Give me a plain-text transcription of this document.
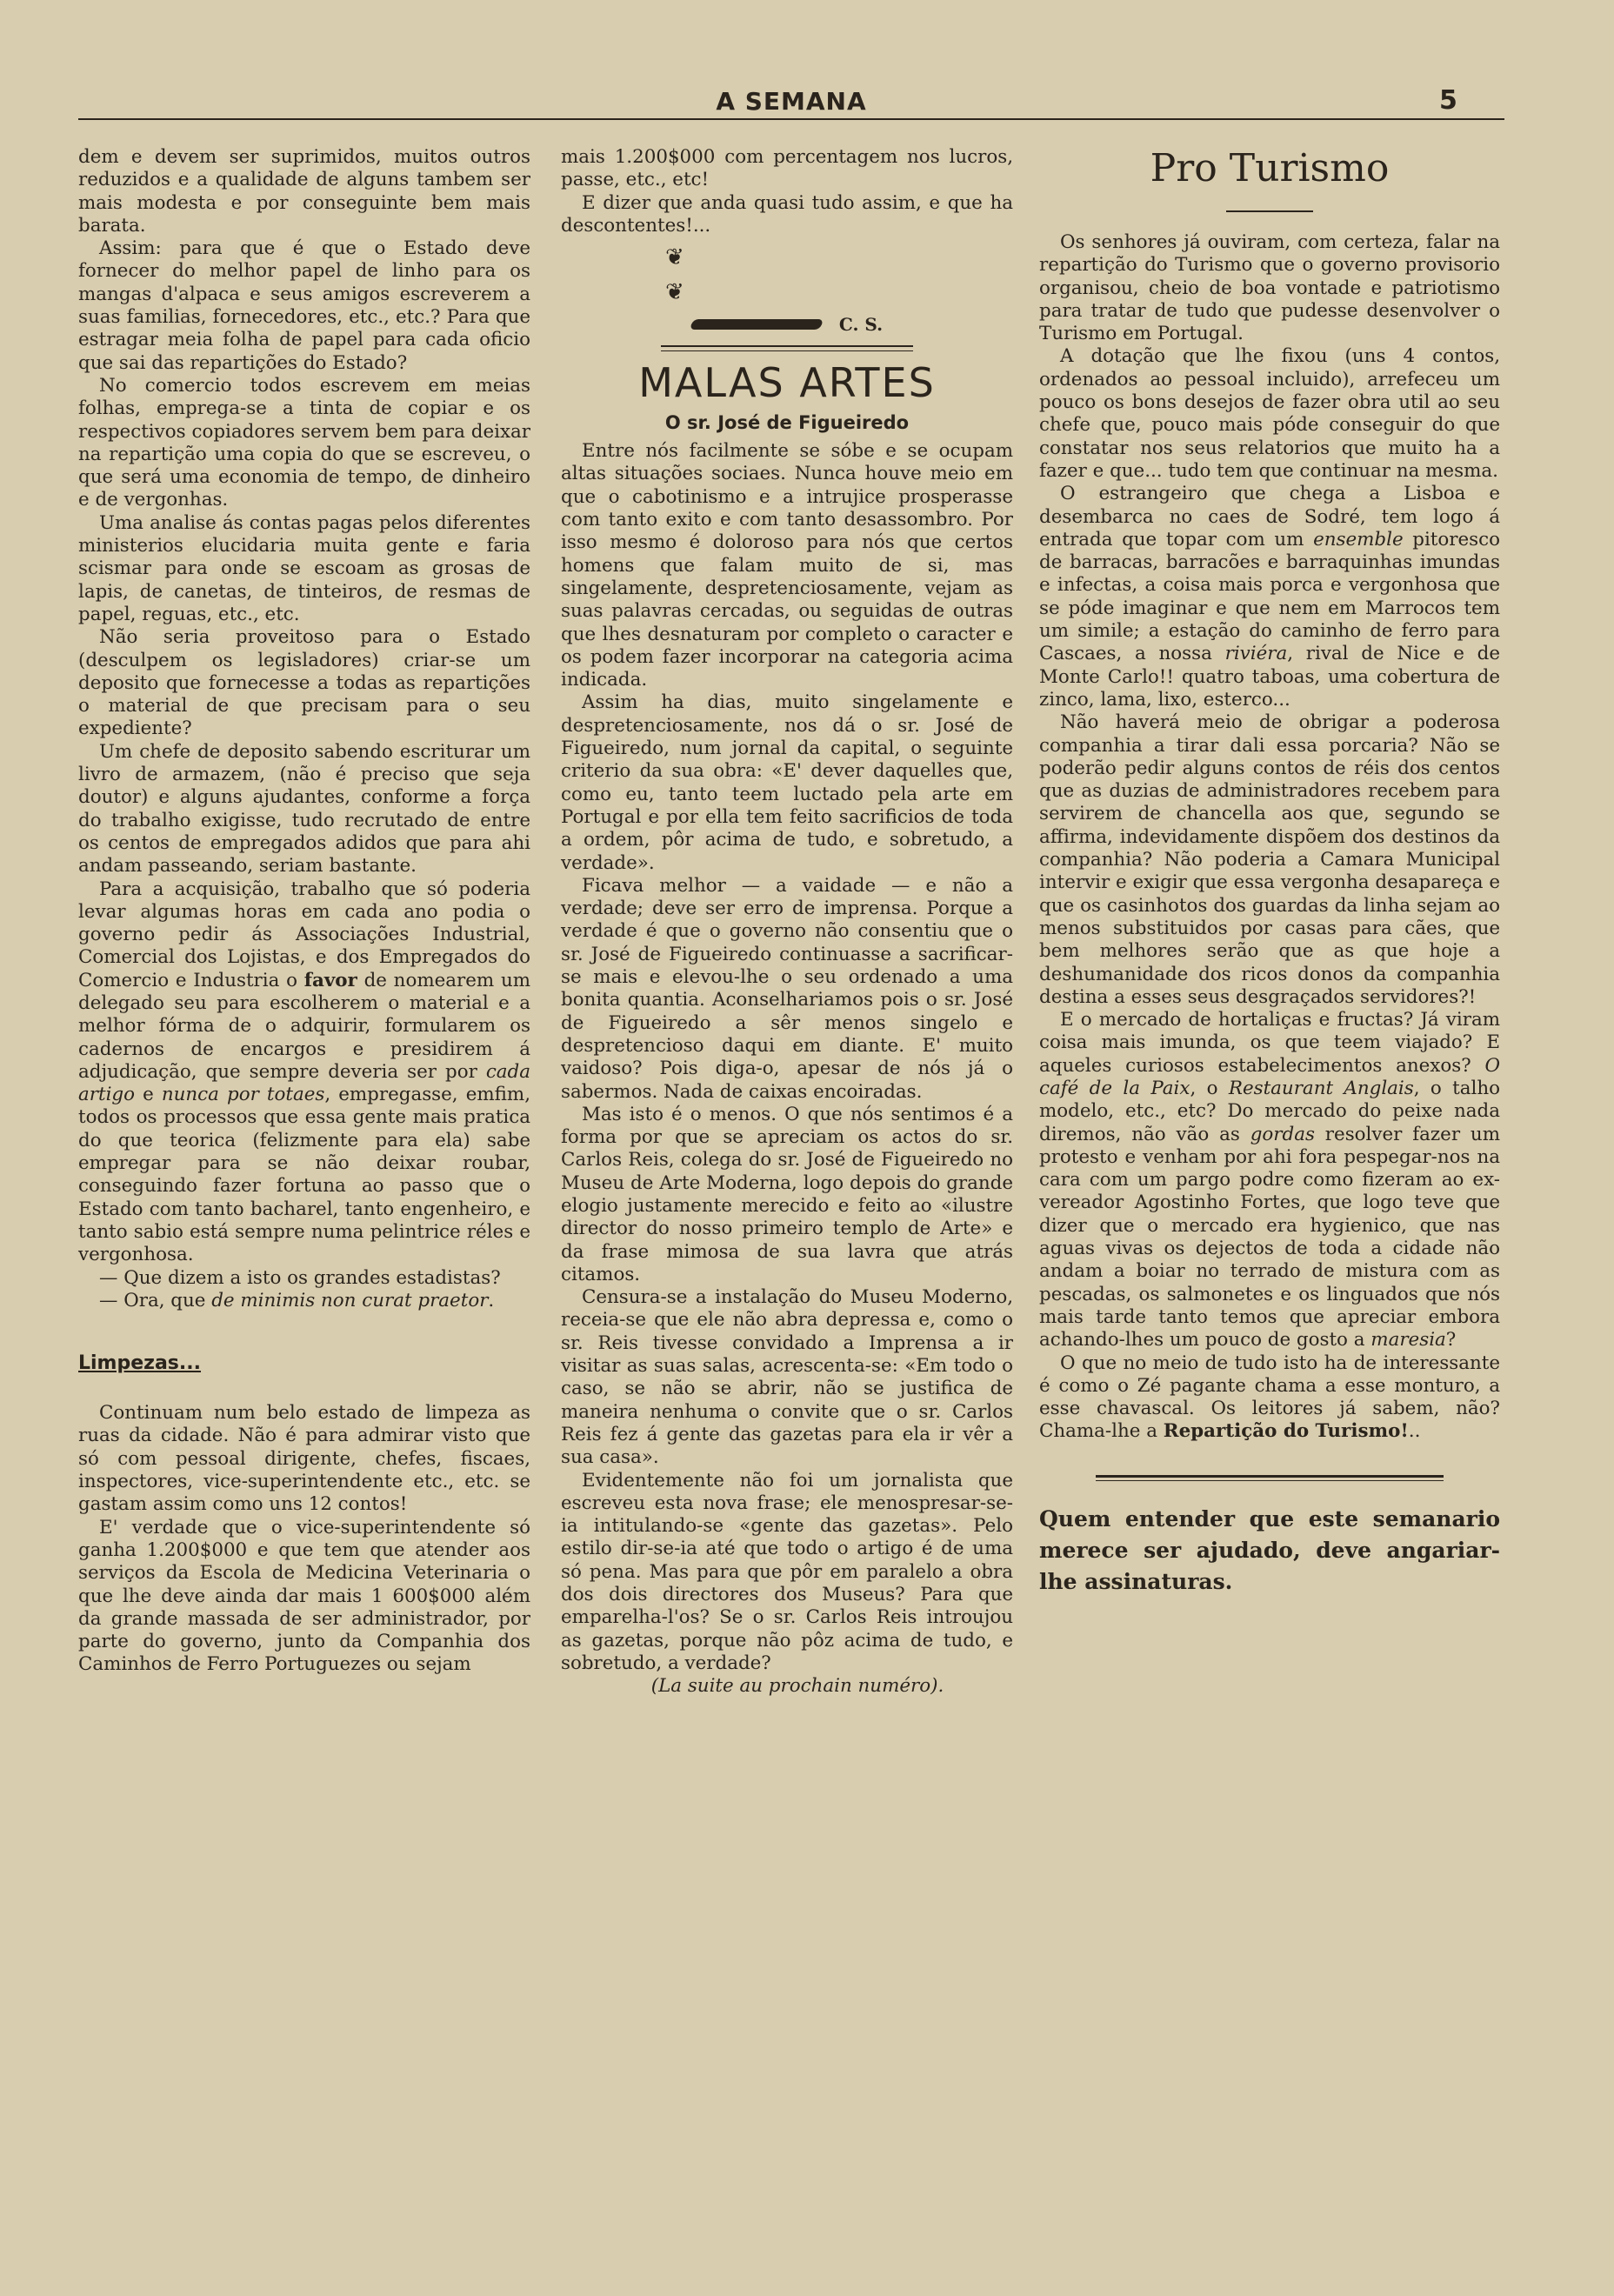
A SEMANA	5

dem e devem ser suprimidos, muitos outros reduzidos e a qualidade de alguns tambem ser mais modesta e por conseguinte bem mais barata.

Assim: para que é que o Estado deve fornecer do melhor papel de linho para os mangas d'alpaca e seus amigos escreverem a suas familias, fornecedores, etc., etc.? Para que estragar meia folha de papel para cada oficio que sai das repartições do Estado?

No comercio todos escrevem em meias folhas, emprega-se a tinta de copiar e os respectivos copiadores servem bem para deixar na repartição uma copia do que se escreveu, o que será uma economia de tempo, de dinheiro e de vergonhas.

Uma analise ás contas pagas pelos diferentes ministerios elucidaria muita gente e faria scismar para onde se escoam as grosas de lapis, de canetas, de tinteiros, de resmas de papel, reguas, etc., etc.

Não seria proveitoso para o Estado (desculpem os legisladores) criar-se um deposito que fornecesse a todas as repartições o material de que precisam para o seu expediente?

Um chefe de deposito sabendo escriturar um livro de armazem, (não é preciso que seja doutor) e alguns ajudantes, conforme a força do trabalho exigisse, tudo recrutado de entre os centos de empregados adidos que para ahi andam passeando, seriam bastante.

Para a acquisição, trabalho que só poderia levar algumas horas em cada ano podia o governo pedir ás Associações Industrial, Comercial dos Lojistas, e dos Empregados do Comercio e Industria o favor de nomearem um delegado seu para escolherem o material e a melhor fórma de o adquirir, formularem os cadernos de encargos e presidirem á adjudicação, que sempre deveria ser por cada artigo e nunca por totaes, empregasse, emfim, todos os processos que essa gente mais pratica do que teorica (felizmente para ela) sabe empregar para se não deixar roubar, conseguindo fazer fortuna ao passo que o Estado com tanto bacharel, tanto engenheiro, e tanto sabio está sempre numa pelintrice réles e vergonhosa.

— Que dizem a isto os grandes estadistas?

— Ora, que de minimis non curat praetor.

Limpezas...

Continuam num belo estado de limpeza as ruas da cidade. Não é para admirar visto que só com pessoal dirigente, chefes, fiscaes, inspectores, vice-superintendente etc., etc. se gastam assim como uns 12 contos!

E' verdade que o vice-superintendente só ganha 1.200$000 e que tem que atender aos serviços da Escola de Medicina Veterinaria o que lhe deve ainda dar mais 1 600$000 além da grande massada de ser administrador, por parte do governo, junto da Companhia dos Caminhos de Ferro Portuguezes ou sejam

mais 1.200$000 com percentagem nos lucros, passe, etc., etc!

E dizer que anda quasi tudo assim, e que ha descontentes!...

❦
❦
C. S.
MALAS ARTES
O sr. José de Figueiredo

Entre nós facilmente se sóbe e se ocupam altas situações sociaes. Nunca houve meio em que o cabotinismo e a intrujice prosperasse com tanto exito e com tanto desassombro. Por isso mesmo é doloroso para nós que certos homens que falam muito de si, mas singelamente, despretenciosamente, vejam as suas palavras cercadas, ou seguidas de outras que lhes desnaturam por completo o caracter e os podem fazer incorporar na categoria acima indicada.

Assim ha dias, muito singelamente e despretenciosamente, nos dá o sr. José de Figueiredo, num jornal da capital, o seguinte criterio da sua obra: «E' dever daquelles que, como eu, tanto teem luctado pela arte em Portugal e por ella tem feito sacrificios de toda a ordem, pôr acima de tudo, e sobretudo, a verdade».

Ficava melhor — a vaidade — e não a verdade; deve ser erro de imprensa. Porque a verdade é que o governo não consentiu que o sr. José de Figueiredo continuasse a sacrificar-se mais e elevou-lhe o seu ordenado a uma bonita quantia. Aconselhariamos pois o sr. José de Figueiredo a sêr menos singelo e despretencioso daqui em diante. E' muito vaidoso? Pois diga-o, apesar de nós já o sabermos. Nada de caixas encoiradas.

Mas isto é o menos. O que nós sentimos é a forma por que se apreciam os actos do sr. Carlos Reis, colega do sr. José de Figueiredo no Museu de Arte Moderna, logo depois do grande elogio justamente merecido e feito ao «ilustre director do nosso primeiro templo de Arte» e da frase mimosa de sua lavra que atrás citamos.

Censura-se a instalação do Museu Moderno, receia-se que ele não abra depressa e, como o sr. Reis tivesse convidado a Imprensa a ir visitar as suas salas, acrescenta-se: «Em todo o caso, se não se abrir, não se justifica de maneira nenhuma o convite que o sr. Carlos Reis fez á gente das gazetas para ela ir vêr a sua casa».

Evidentemente não foi um jornalista que escreveu esta nova frase; ele menospresar-se-ia intitulando-se «gente das gazetas». Pelo estilo dir-se-ia até que todo o artigo é de uma só pena. Mas para que pôr em paralelo a obra dos dois directores dos Museus? Para que emparelha-l'os? Se o sr. Carlos Reis introujou as gazetas, porque não pôz acima de tudo, e sobretudo, a verdade?

(La suite au prochain numéro).

Pro Turismo

Os senhores já ouviram, com certeza, falar na repartição do Turismo que o governo provisorio organisou, cheio de boa vontade e patriotismo para tratar de tudo que pudesse desenvolver o Turismo em Portugal.

A dotação que lhe fixou (uns 4 contos, ordenados ao pessoal incluido), arrefeceu um pouco os bons desejos de fazer obra util ao seu chefe que, pouco mais póde conseguir do que constatar nos seus relatorios que muito ha a fazer e que... tudo tem que continuar na mesma.

O estrangeiro que chega a Lisboa e desembarca no caes de Sodré, tem logo á entrada que topar com um ensemble pitoresco de barracas, barracões e barraquinhas imundas e infectas, a coisa mais porca e vergonhosa que se póde imaginar e que nem em Marrocos tem um simile; a estação do caminho de ferro para Cascaes, a nossa riviéra, rival de Nice e de Monte Carlo!! quatro taboas, uma cobertura de zinco, lama, lixo, esterco...

Não haverá meio de obrigar a poderosa companhia a tirar dali essa porcaria? Não se poderão pedir alguns contos de réis dos centos que as duzias de administradores recebem para servirem de chancella aos que, segundo se affirma, indevidamente dispõem dos destinos da companhia? Não poderia a Camara Municipal intervir e exigir que essa vergonha desapareça e que os casinhotos dos guardas da linha sejam ao menos substituidos por casas para cães, que bem melhores serão que as que hoje a deshumanidade dos ricos donos da companhia destina a esses seus desgraçados servidores?!

E o mercado de hortaliças e fructas? Já viram coisa mais imunda, os que teem viajado? E aqueles curiosos estabelecimentos anexos? O café de la Paix, o Restaurant Anglais, o talho modelo, etc., etc? Do mercado do peixe nada diremos, não vão as gordas resolver fazer um protesto e venham por ahi fora pespegar-nos na cara com um pargo podre como fizeram ao ex-vereador Agostinho Fortes, que logo teve que dizer que o mercado era hygienico, que nas aguas vivas os dejectos de toda a cidade não andam a boiar no terrado de mistura com as pescadas, os salmonetes e os linguados que nós mais tarde tanto temos que apreciar embora achando-lhes um pouco de gosto a maresia?

O que no meio de tudo isto ha de interessante é como o Zé pagante chama a esse monturo, a esse chavascal. Os leitores já sabem, não? Chama-lhe a Repartição do Turismo!..

Quem entender que este semanario merece ser ajudado, deve angariar-lhe assinaturas.
